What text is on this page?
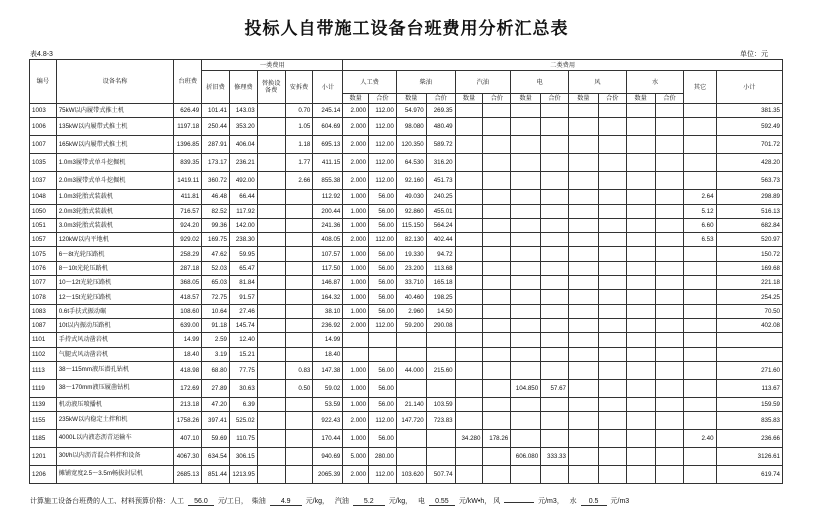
投标人自带施工设备台班费用分析汇总表
表4.8-3	单位：元
编号	设备名称	台班费	一类费用					二类费用													
			折旧费	修理费	替换设备费	安拆费	小计	人工费		柴油		汽油		电		风		水		其它	小计
								数量	合价	数量	合价	数量	合价	数量	合价	数量	合价	数量	合价		
1003	75kW以内履带式推土机	626.49	101.41	143.03		0.70	245.14	2.000	112.00	54.970	269.35										381.35
1006	135kW以内履带式推土机	1197.18	250.44	353.20		1.05	604.69	2.000	112.00	98.080	480.49										592.49
1007	165kW以内履带式推土机	1396.85	287.91	406.04		1.18	695.13	2.000	112.00	120.350	589.72										701.72
1035	1.0m3履带式单斗挖掘机	839.35	173.17	236.21		1.77	411.15	2.000	112.00	64.530	316.20										428.20
1037	2.0m3履带式单斗挖掘机	1419.11	360.72	492.00		2.66	855.38	2.000	112.00	92.160	451.73										563.73
1048	1.0m3轮胎式装载机	411.81	46.48	66.44			112.92	1.000	56.00	49.030	240.25									2.64	298.89
1050	2.0m3轮胎式装载机	716.57	82.52	117.92			200.44	1.000	56.00	92.860	455.01									5.12	516.13
1051	3.0m3轮胎式装载机	924.20	99.36	142.00			241.36	1.000	56.00	115.150	564.24									6.60	682.84
1057	120kW以内平地机	929.02	169.75	238.30			408.05	2.000	112.00	82.130	402.44									6.53	520.97
1075	6～8t光轮压路机	258.29	47.62	59.95			107.57	1.000	56.00	19.330	94.72										150.72
1076	8～10t光轮压路机	287.18	52.03	65.47			117.50	1.000	56.00	23.200	113.68										169.68
1077	10～12t光轮压路机	368.05	65.03	81.84			146.87	1.000	56.00	33.710	165.18										221.18
1078	12～15t光轮压路机	418.57	72.75	91.57			164.32	1.000	56.00	40.460	198.25										254.25
1083	0.6t手扶式振动碾	108.60	10.64	27.46			38.10	1.000	56.00	2.960	14.50										70.50
1087	10t以内振动压路机	639.00	91.18	145.74			236.92	2.000	112.00	59.200	290.08										402.08
1101	手持式风动凿岩机	14.99	2.59	12.40			14.99														
1102	气腿式风动凿岩机	18.40	3.19	15.21			18.40														
1113	38～115mm液压潜孔钻机	418.98	68.80	77.75		0.83	147.38	1.000	56.00	44.000	215.60										271.60
1119	38～170mm液压履凿钻机	172.69	27.89	30.63		0.50	59.02	1.000	56.00					104.850	57.67						113.67
1139	机动液压喷播机	213.18	47.20	6.39			53.59	1.000	56.00	21.140	103.59										159.59
1155	235kW以内稳定土拌和机	1758.26	397.41	525.02			922.43	2.000	112.00	147.720	723.83										835.83
1185	4000L以内液态沥青运输车	407.10	59.69	110.75			170.44	1.000	56.00			34.280	178.26							2.40	236.66
1201	30t/h以内沥青混合料拌和设备	4067.30	634.54	306.15			940.69	5.000	280.00					606.080	333.33						3126.61
1206	摊铺宽度2.5～3.5m畅拔封层机	2685.13	851.44	1213.95			2065.39	2.000	112.00	103.620	507.74										619.74
计算施工设备台班费的人工、材料预算价格：人工 56.0 元/工日， 柴油 4.9 元/kg， 汽油 5.2 元/kg， 电 0.55 元/kW•h， 风	元/m3， 水 0.5 元/m3
